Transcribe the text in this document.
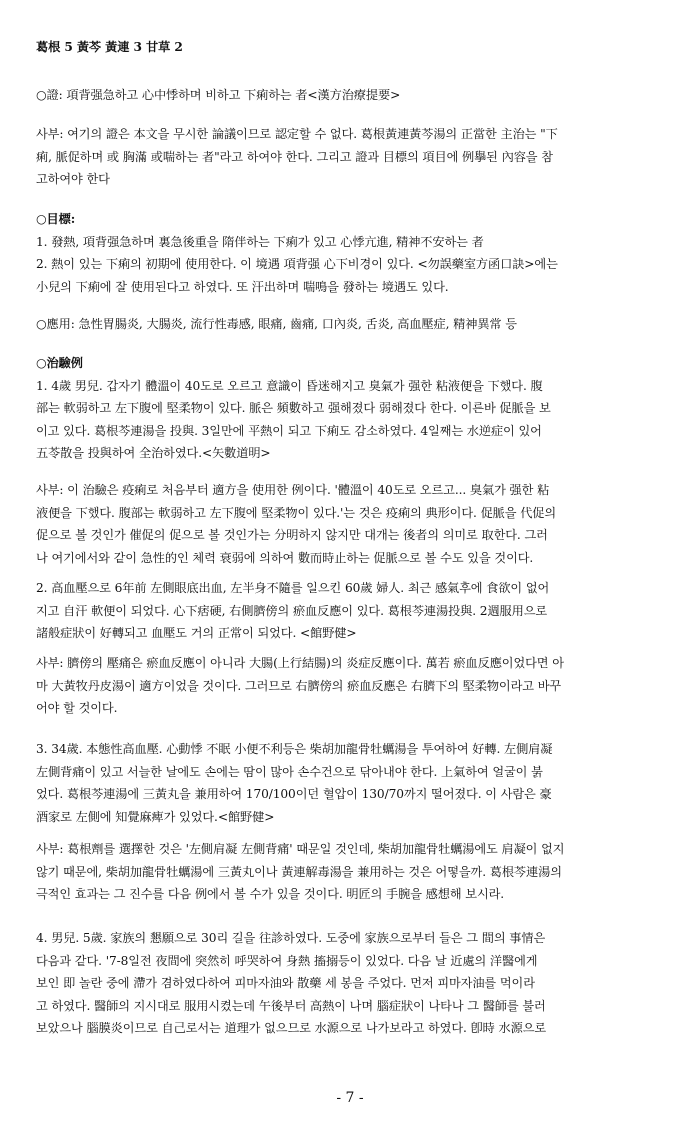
葛根 5 黃芩 黃連 3 甘草 2
○證: 項背强急하고 心中悸하며 비하고 下痢하는 者<漢方治療提要>
사부: 여기의 證은 本文을 무시한 論議이므로 認定할 수 없다. 葛根黃連黃芩湯의 正當한 主治는 "下
痢, 脈促하며 或 胸滿 或喘하는 者"라고 하여야 한다. 그리고 證과 目標의 項目에 例擧된 內容을 참
고하여야 한다
○目標:
1. 發熱, 項背强急하며 裏急後重을 隋伴하는 下痢가 있고 心悸亢進, 精神不安하는 者
2. 熱이 있는 下痢의 初期에 使用한다. 이 境遇 項背强 心下비경이 있다. <勿誤藥室方函口訣>에는
小兒의 下痢에 잘 使用된다고 하였다. 또 汗出하며 喘鳴을 發하는 境遇도 있다.
○應用: 急性胃腸炎, 大腸炎, 流行性毒感, 眼痛, 齒痛, 口內炎, 舌炎, 高血壓症, 精神異常 등
○治驗例
1. 4歲 男兒. 갑자기 體溫이 40도로 오르고 意識이 昏迷해지고 臭氣가 强한 粘液便을 下했다. 腹
部는 軟弱하고 左下腹에 堅柔物이 있다. 脈은 頻數하고 强해졌다 弱해졌다 한다. 이른바 促脈을 보
이고 있다. 葛根芩連湯을 投與. 3일만에 平熱이 되고 下痢도 감소하였다. 4일째는 水逆症이 있어
五苓散을 投與하여 全治하였다.<矢數道明>
사부: 이 治驗은 疫痢로 처음부터 適方을 使用한 例이다. '體溫이 40도로 오르고... 臭氣가 强한 粘
液便을 下했다. 腹部는 軟弱하고 左下腹에 堅柔物이 있다.'는 것은 疫痢의 典形이다. 促脈을 代促의
促으로 볼 것인가 催促의 促으로 볼 것인가는 分明하지 않지만 대개는 後者의 의미로 取한다. 그러
나 여기에서와 같이 急性的인 체력 衰弱에 의하여 數而時止하는 促脈으로 볼 수도 있을 것이다.
2. 高血壓으로 6年前 左側眼底出血, 左半身不隨를 일으킨 60歲 婦人. 최근 感氣후에 食欲이 없어
지고 自汗 軟便이 되었다. 心下痞硬, 右側臍傍의 瘀血反應이 있다. 葛根芩連湯投與. 2週服用으로
諸般症狀이 好轉되고 血壓도 거의 正常이 되었다. <館野健>
사부: 臍傍의 壓痛은 瘀血反應이 아니라 大腸(上行結腸)의 炎症反應이다. 萬若 瘀血反應이었다면 아
마 大黃牧丹皮湯이 適方이었을 것이다. 그러므로 右臍傍의 瘀血反應은 右臍下의 堅柔物이라고 바꾸
어야 할 것이다.
3. 34歲. 本態性高血壓. 心動悸 不眠 小便不利등은 柴胡加龍骨牡蠣湯을 투여하여 好轉. 左側肩凝
左側背痛이 있고 서늘한 날에도 손에는 땀이 많아 손수건으로 닦아내야 한다. 上氣하여 얼굴이 붉
었다. 葛根芩連湯에 三黃丸을 兼用하여 170/100이던 혈압이 130/70까지 떨어졌다. 이 사람은 豪
酒家로 左側에 知覺麻痺가 있었다.<館野健>
사부: 葛根劑를 選擇한 것은 '左側肩凝 左側背痛' 때문일 것인데, 柴胡加龍骨牡蠣湯에도 肩凝이 없지
않기 때문에, 柴胡加龍骨牡蠣湯에 三黃丸이나 黃連解毒湯을 兼用하는 것은 어떻을까. 葛根芩連湯의
극적인 효과는 그 진수를 다음 例에서 볼 수가 있을 것이다. 明匠의 手腕을 感想해 보시라.
4. 男兒. 5歲. 家族의 懇願으로 30리 길을 往診하였다. 도중에 家族으로부터 들은 그 間의 事情은
다음과 같다. '7-8일전 夜間에 突然히 呼哭하여 身熱 搐搦등이 있었다. 다음 날 近處의 洋醫에게
보인 即 놀란 중에 滯가 겸하였다하여 피마자油와 散藥 세 봉을 주었다. 먼저 피마자油를 먹이라
고 하였다. 醫師의 지시대로 服用시켰는데 午後부터 高熱이 나며 腦症狀이 나타나 그 醫師를 불러
보았으나 腦膜炎이므로 自己로서는 道理가 없으므로 水源으로 나가보라고 하였다. 卽時 水源으로
- 7 -
